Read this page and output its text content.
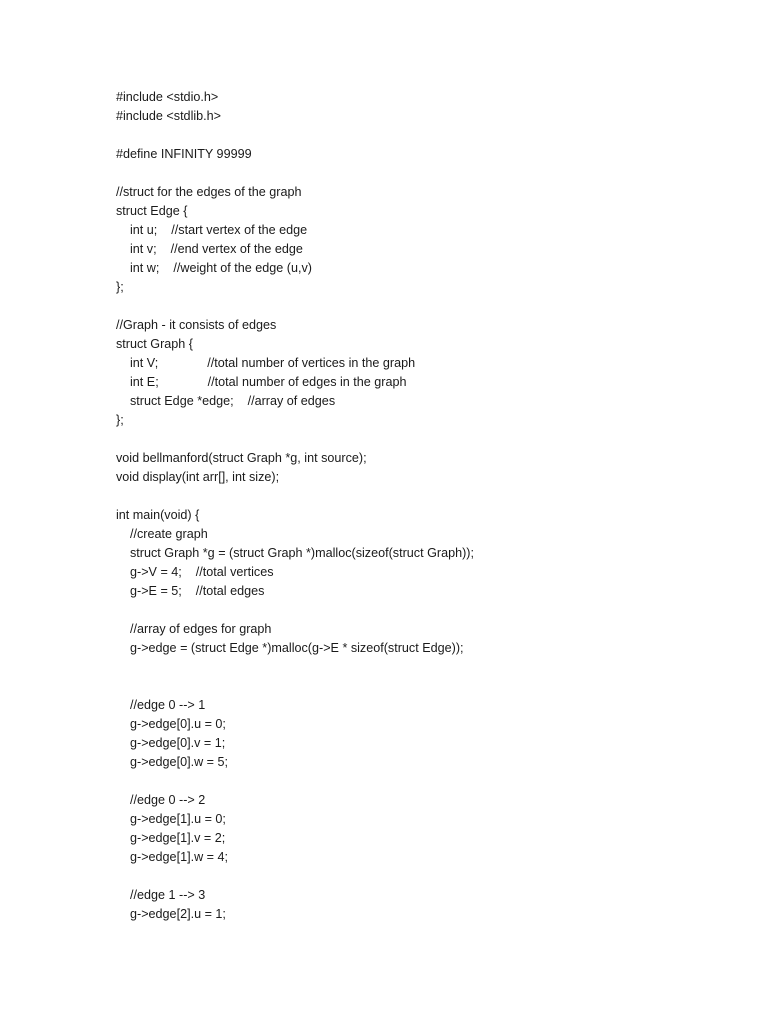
#include <stdio.h>
#include <stdlib.h>
#define INFINITY 99999
//struct for the edges of the graph
struct Edge {
int u;    //start vertex of the edge
int v;    //end vertex of the edge
int w;    //weight of the edge (u,v)
};
//Graph - it consists of edges
struct Graph {
int V;              //total number of vertices in the graph
int E;              //total number of edges in the graph
struct Edge *edge;    //array of edges
};
void bellmanford(struct Graph *g, int source);
void display(int arr[], int size);
int main(void) {
//create graph
struct Graph *g = (struct Graph *)malloc(sizeof(struct Graph));
g->V = 4;    //total vertices
g->E = 5;    //total edges
//array of edges for graph
g->edge = (struct Edge *)malloc(g->E * sizeof(struct Edge));
//edge 0 --> 1
g->edge[0].u = 0;
g->edge[0].v = 1;
g->edge[0].w = 5;
//edge 0 --> 2
g->edge[1].u = 0;
g->edge[1].v = 2;
g->edge[1].w = 4;
//edge 1 --> 3
g->edge[2].u = 1;
